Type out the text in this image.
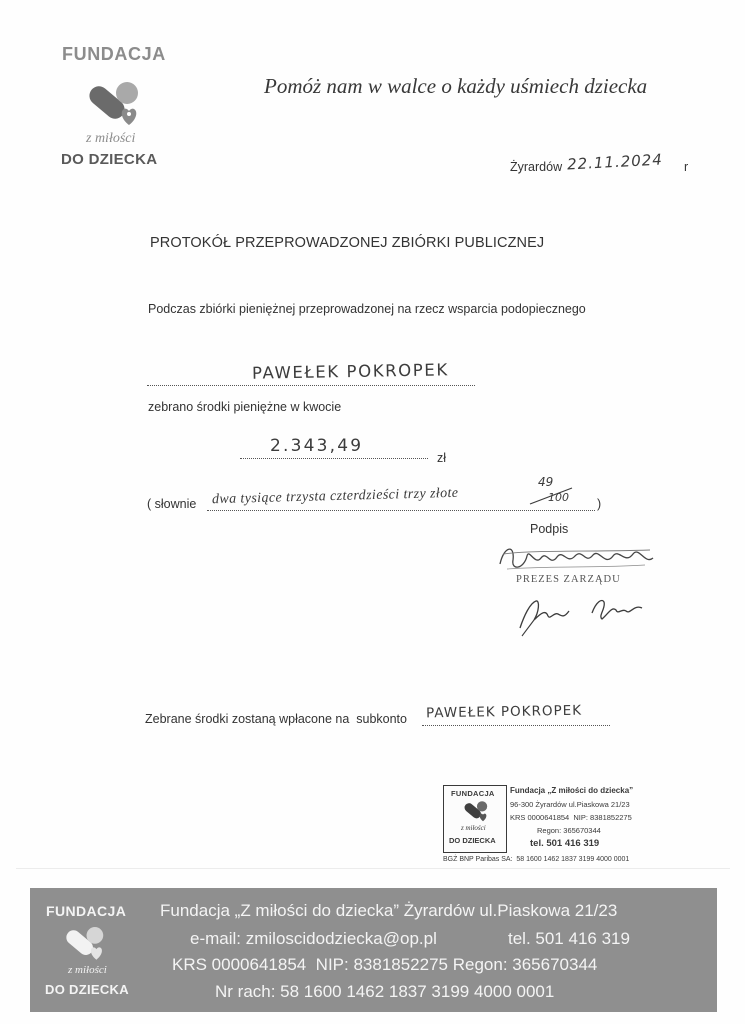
FUNDACJA
z miłości
DO DZIECKA
Pomóż nam w walce o każdy uśmiech dziecka
Żyrardów 22.11.2024 r
PROTOKÓŁ PRZEPROWADZONEJ ZBIÓRKI PUBLICZNEJ
Podczas zbiórki pieniężnej przeprowadzonej na rzecz wsparcia podopiecznego
PAWEŁEK POKROPEK
zebrano środki pieniężne w kwocie
2.343,49
zł
( słownie dwa tysiące trzysta czterdzieści trzy złote
49
100 )
Podpis
PREZES ZARZĄDU
Zebrane środki zostaną wpłacone na  subkonto PAWEŁEK POKROPEK
FUNDACJA
z miłości
DO DZIECKA
Fundacja „Z miłości do dziecka”
96-300 Żyrardów ul.Piaskowa 21/23
KRS 0000641854  NIP: 8381852275
Regon: 365670344
tel. 501 416 319
BGŻ BNP Paribas SA:  58 1600 1462 1837 3199 4000 0001
FUNDACJA
z miłości
DO DZIECKA
Fundacja „Z miłości do dziecka” Żyrardów ul.Piaskowa 21/23
e-mail: zmiloscidodziecka@op.pl	tel. 501 416 319
KRS 0000641854  NIP: 8381852275 Regon: 365670344
Nr rach: 58 1600 1462 1837 3199 4000 0001
